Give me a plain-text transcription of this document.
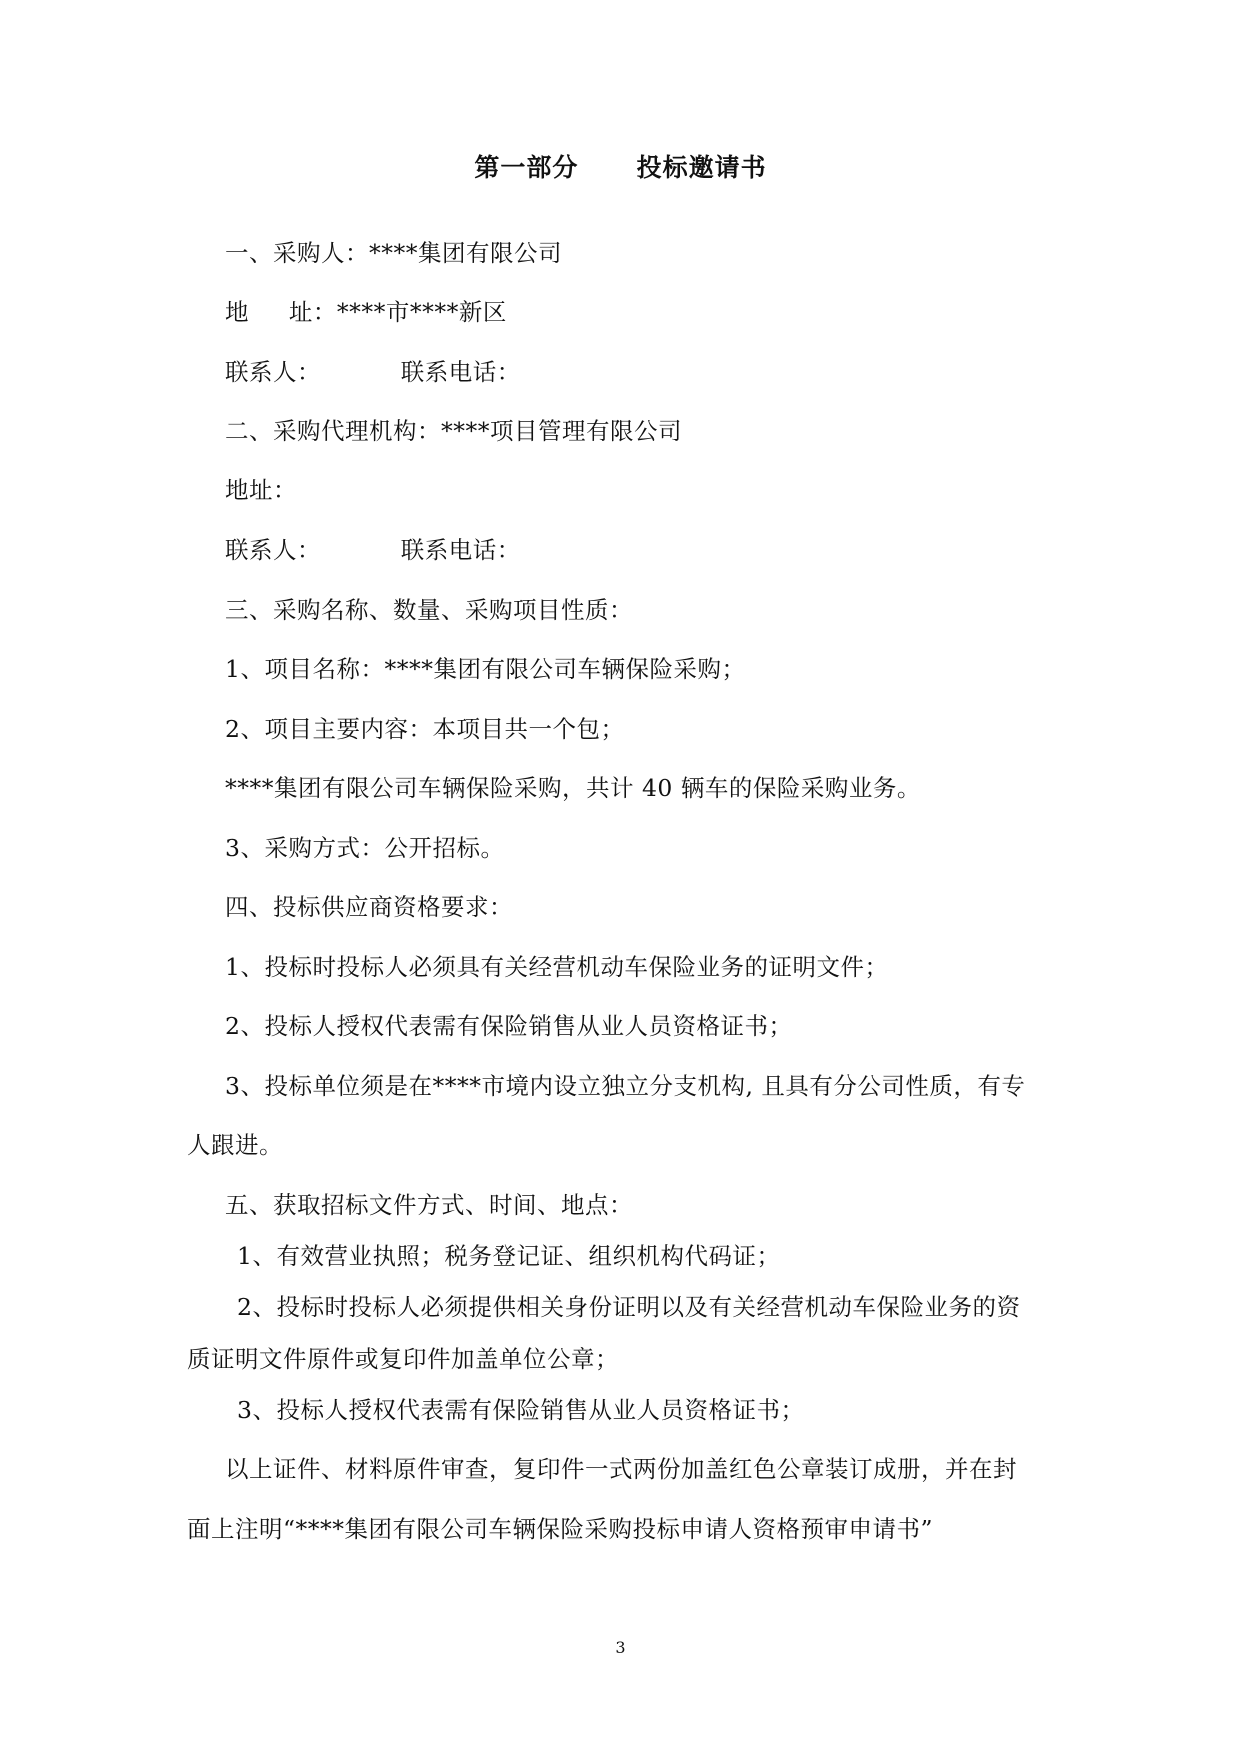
第一部分      投标邀请书
一、采购人：****集团有限公司
地     址：****市****新区
联系人：          联系电话：
二、采购代理机构：****项目管理有限公司
地址：
联系人：          联系电话：
三、采购名称、数量、采购项目性质：
1、项目名称：****集团有限公司车辆保险采购；
2、项目主要内容：本项目共一个包；
****集团有限公司车辆保险采购，共计 40 辆车的保险采购业务。
3、采购方式：公开招标。
四、投标供应商资格要求：
1、投标时投标人必须具有关经营机动车保险业务的证明文件；
2、投标人授权代表需有保险销售从业人员资格证书；
3、投标单位须是在****市境内设立独立分支机构, 且具有分公司性质，有专
人跟进。
五、获取招标文件方式、时间、地点：
1、有效营业执照；税务登记证、组织机构代码证；
2、投标时投标人必须提供相关身份证明以及有关经营机动车保险业务的资
质证明文件原件或复印件加盖单位公章；
3、投标人授权代表需有保险销售从业人员资格证书；
以上证件、材料原件审查，复印件一式两份加盖红色公章装订成册，并在封
面上注明“****集团有限公司车辆保险采购投标申请人资格预审申请书”
3
